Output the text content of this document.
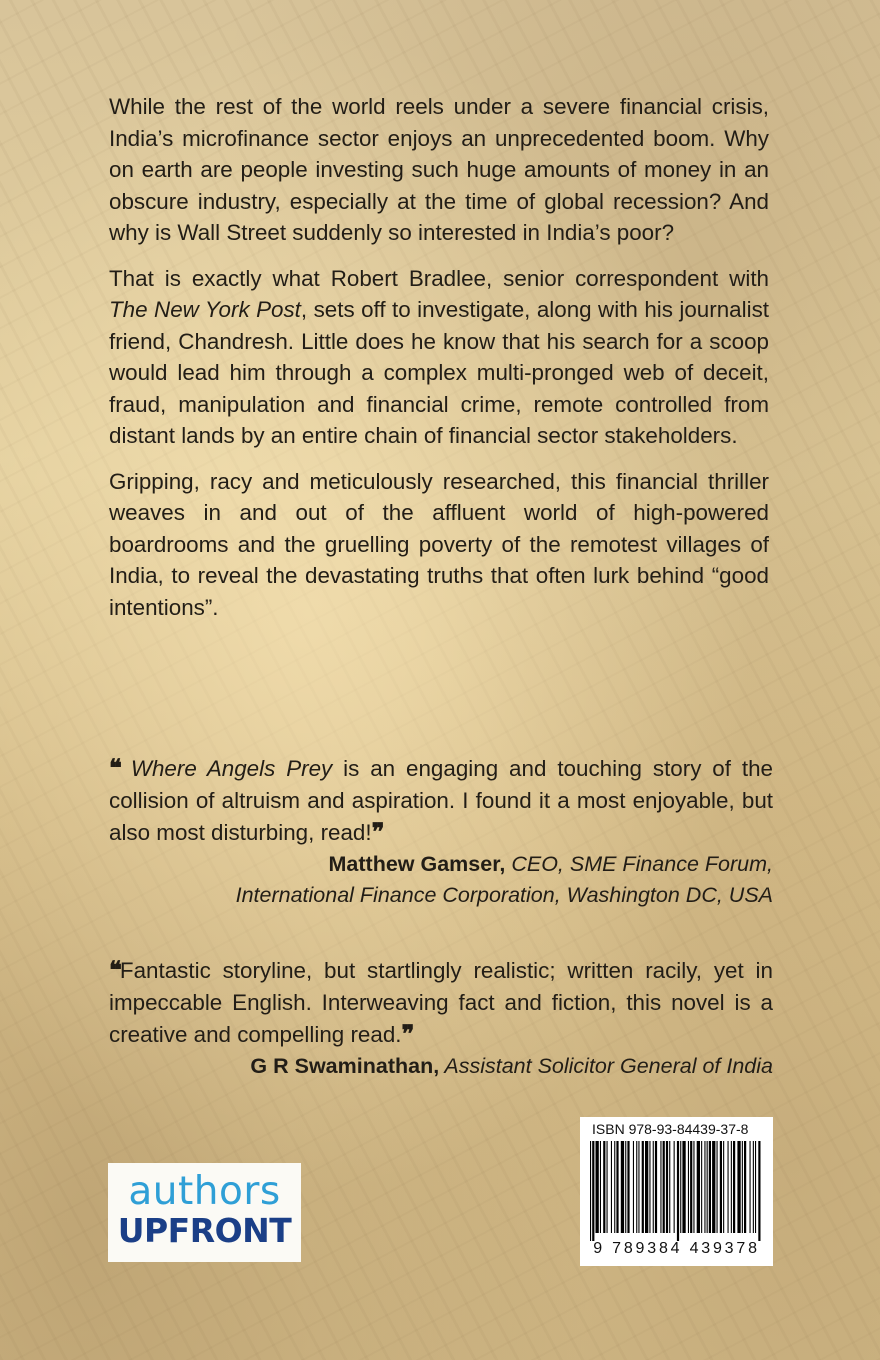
While the rest of the world reels under a severe financial crisis, India’s microfinance sector enjoys an unprecedented boom. Why on earth are people investing such huge amounts of money in an obscure industry, especially at the time of global recession? And why is Wall Street suddenly so interested in India’s poor?

That is exactly what Robert Bradlee, senior correspondent with The New York Post, sets off to investigate, along with his journalist friend, Chandresh. Little does he know that his search for a scoop would lead him through a complex multi-pronged web of deceit, fraud, manipulation and financial crime, remote controlled from distant lands by an entire chain of financial sector stakeholders.

Gripping, racy and meticulously researched, this financial thriller weaves in and out of the affluent world of high-powered boardrooms and the gruelling poverty of the remotest villages of India, to reveal the devastating truths that often lurk behind “good intentions”.

❝ Where Angels Prey is an engaging and touching story of the collision of altruism and aspiration. I found it a most enjoyable, but also most disturbing, read!❞
Matthew Gamser, CEO, SME Finance Forum,
International Finance Corporation, Washington DC, USA
❝Fantastic storyline, but startlingly realistic; written racily, yet in impeccable English. Interweaving fact and fiction, this novel is a creative and compelling read.❞
G R Swaminathan, Assistant Solicitor General of India
authors
UPFRONT
ISBN 978-93-84439-37-8
9 789384 439378
